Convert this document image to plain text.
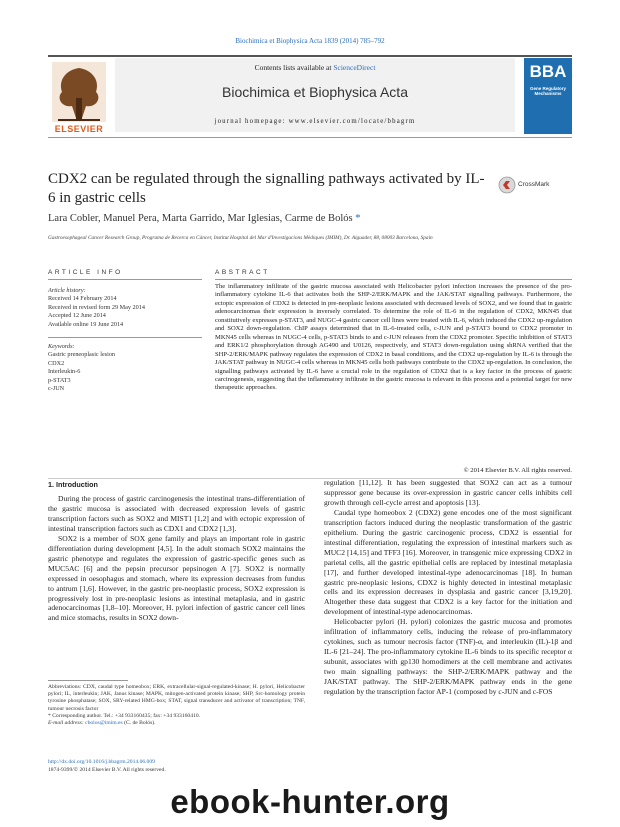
Biochimica et Biophysica Acta 1839 (2014) 785–792
ELSEVIER
Contents lists available at ScienceDirect
Biochimica et Biophysica Acta
journal homepage: www.elsevier.com/locate/bbagrm
BBA
Gene Regulatory Mechanisms
CDX2 can be regulated through the signalling pathways activated by IL-6 in gastric cells
CrossMark
Lara Cobler, Manuel Pera, Marta Garrido, Mar Iglesias, Carme de Bolós *
Gastroesophageal Cancer Research Group, Programa de Recerca en Càncer, Institut Hospital del Mar d'Investigacions Mèdiques (IMIM), Dr. Aiguader, 88, 08003 Barcelona, Spain
ARTICLE INFO	ABSTRACT
Article history:
Received 14 February 2014
Received in revised form 29 May 2014
Accepted 12 June 2014
Available online 19 June 2014
Keywords:
Gastric preneoplasic lesion
CDX2
Interleukin-6
p-STAT3
c-JUN
The inflammatory infiltrate of the gastric mucosa associated with Helicobacter pylori infection increases the presence of the pro-inflammatory cytokine IL-6 that activates both the SHP-2/ERK/MAPK and the JAK/STAT signalling pathways. Furthermore, the ectopic expression of CDX2 is detected in pre-neoplasic lesions associated with decreased levels of SOX2, and we found that in gastric adenocarcinomas their expression is inversely correlated. To determine the role of IL-6 in the regulation of CDX2, MKN45 that constitutively expresses p-STAT3, and NUGC-4 gastric cancer cell lines were treated with IL-6, which induced the CDX2 up-regulation and SOX2 down-regulation. ChIP assays determined that in IL-6-treated cells, c-JUN and p-STAT3 bound to CDX2 promoter in MKN45 cells whereas in NUGC-4 cells, p-STAT3 binds to and c-JUN releases from the CDX2 promoter. Specific inhibition of STAT3 and ERK1/2 phosphorylation through AG490 and U0126, respectively, and STAT3 down-regulation using shRNA verified that the SHP-2/ERK/MAPK pathway regulates the expression of CDX2 in basal conditions, and the CDX2 up-regulation by IL-6 is through the JAK/STAT pathway in NUGC-4 cells whereas in MKN45 cells both pathways contribute to the CDX2 up-regulation. In conclusion, the signalling pathways activated by IL-6 have a crucial role in the regulation of CDX2 that is a key factor in the process of gastric carcinogenesis, suggesting that the inflammatory infiltrate in the gastric mucosa is relevant in this process and a potential target for new therapeutic approaches.
© 2014 Elsevier B.V. All rights reserved.
1. Introduction

During the process of gastric carcinogenesis the intestinal trans-differentiation of the gastric mucosa is associated with decreased expression levels of gastric transcription factors such as SOX2 and MIST1 [1,2] and with ectopic expression of intestinal transcription factors such as CDX1 and CDX2 [1,3].

SOX2 is a member of SOX gene family and plays an important role in gastric differentiation during development [4,5]. In the adult stomach SOX2 maintains the gastric phenotype and regulates the expression of gastric-specific genes such as MUC5AC [6] and the pepsin precursor pepsinogen A [7]. SOX2 is normally expressed in oesophagus and stomach, where its expression decreases from fundus to antrum [1,6]. However, in the gastric pre-neoplastic process, SOX2 expression is progressively lost in pre-neoplasic lesions as intestinal metaplasia, and in gastric adenocarcinomas [1,8–10]. Moreover, H. pylori infection of gastric cancer cell lines and mice stomachs, results in SOX2 down-

regulation [11,12]. It has been suggested that SOX2 can act as a tumour suppressor gene because its over-expression in gastric cancer cells inhibits cell growth through cell-cycle arrest and apoptosis [13].

Caudal type homeobox 2 (CDX2) gene encodes one of the most significant transcription factors induced during the neoplastic transformation of the gastric epithelium. During the gastric carcinogenic process, CDX2 is essential for intestinal differentiation, regulating the expression of intestinal markers such as MUC2 [14,15] and TFF3 [16]. Moreover, in transgenic mice expressing CDX2 in parietal cells, all the gastric epithelial cells are replaced by intestinal metaplasia [17], and further developed intestinal-type adenocarcinomas [18]. In human gastric pre-neoplasic lesions, CDX2 is highly detected in intestinal metaplasic cells and its expression decreases in dysplasia and gastric cancer [3,19,20]. Altogether these data suggest that CDX2 is a key factor for the initiation and development of intestinal-type adenocarcinomas.

Helicobacter pylori (H. pylori) colonizes the gastric mucosa and promotes infiltration of inflammatory cells, inducing the release of pro-inflammatory cytokines, such as tumour necrosis factor (TNF)-α, and interleukin (IL)-1β and IL-6 [21–24]. The pro-inflammatory cytokine IL-6 binds to its specific receptor α subunit, associates with gp130 homodimers at the cell membrane and activates two main signalling pathways: the SHP-2/ERK/MAPK pathway and the JAK/STAT pathway. The SHP-2/ERK/MAPK pathway ends in the gene regulation by the transcription factor AP-1 (composed by c-JUN and c-FOS

Abbreviations: CDX, caudal type homeobox; ERK, extracellular-signal-regulated-kinase; H. pylori, Helicobacter pylori; IL, interleukin; JAK, Janus kinase; MAPK, mitogen-activated protein kinase; SHP, Src-homology protein tyrosine phosphatase; SOX, SRY-related HMG-box; STAT, signal transducer and activator of transcription; TNF, tumour necrosis factor
* Corresponding author. Tel.: +34 933160435; fax: +34 933160410.
E-mail address: cbolos@imim.es (C. de Bolós).
http://dx.doi.org/10.1016/j.bbagrm.2014.06.009
1874-9399/© 2014 Elsevier B.V. All rights reserved.
ebook-hunter.org
